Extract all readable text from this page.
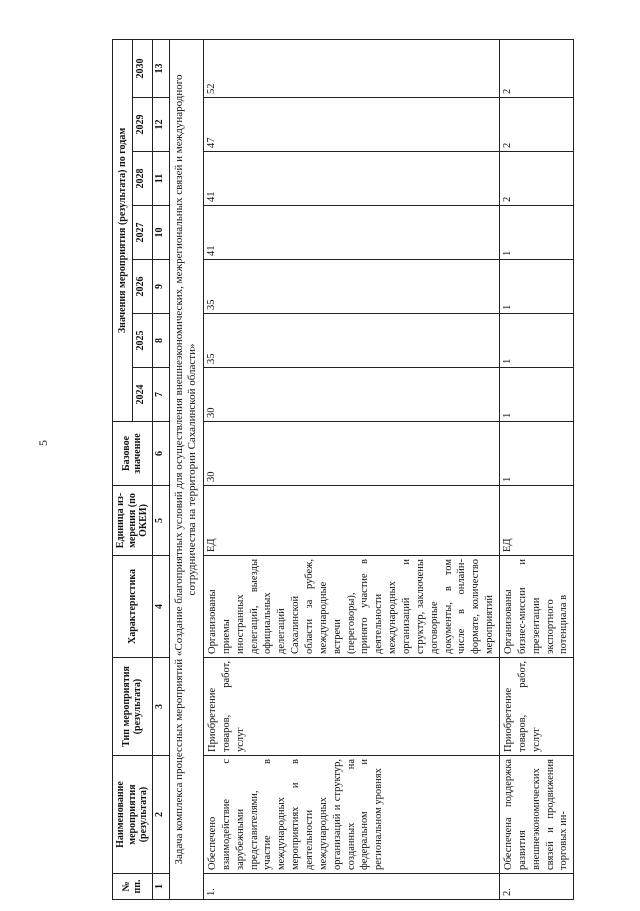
5
№ пп.	Наименование мероприятия (результата)	Тип мероприятия (результата)	Характеристика	Единица из-мерения (по ОКЕИ)	Базовое значение	Значения мероприятия (результата) по годам						
						2024	2025	2026	2027	2028	2029	2030
1	2	3	4	5	6	7	8	9	10	11	12	13
Задача комплекса процессных мероприятий «Создание благоприятных условий для осуществления внешнеэкономических, межрегиональных связей и международного сотрудничества на территории Сахалинской области»												
1.	Обеспечено взаимодействие с зарубежными представителями, участие в международных мероприятиях и в деятельности международных организаций и структур, созданных на федеральном и региональном уровнях	Приобретение товаров, работ, услуг	Организованы приемы иностранных делегаций, выезды официальных делегаций Сахалинской области за рубеж, международные встречи (переговоры), принято участие в деятельности международных организаций и структур, заключены договорные документы, в том числе в онлайн-формате, количество мероприятий	ЕД	30	30	35	35	41	41	47	52
2.	Обеспечена поддержка развития внешнеэкономических связей и продвижения торговых ин-	Приобретение товаров, работ, услуг	Организованы бизнес-миссии и презентации экспортного потенциала в	ЕД	1	1	1	1	1	2	2	2
